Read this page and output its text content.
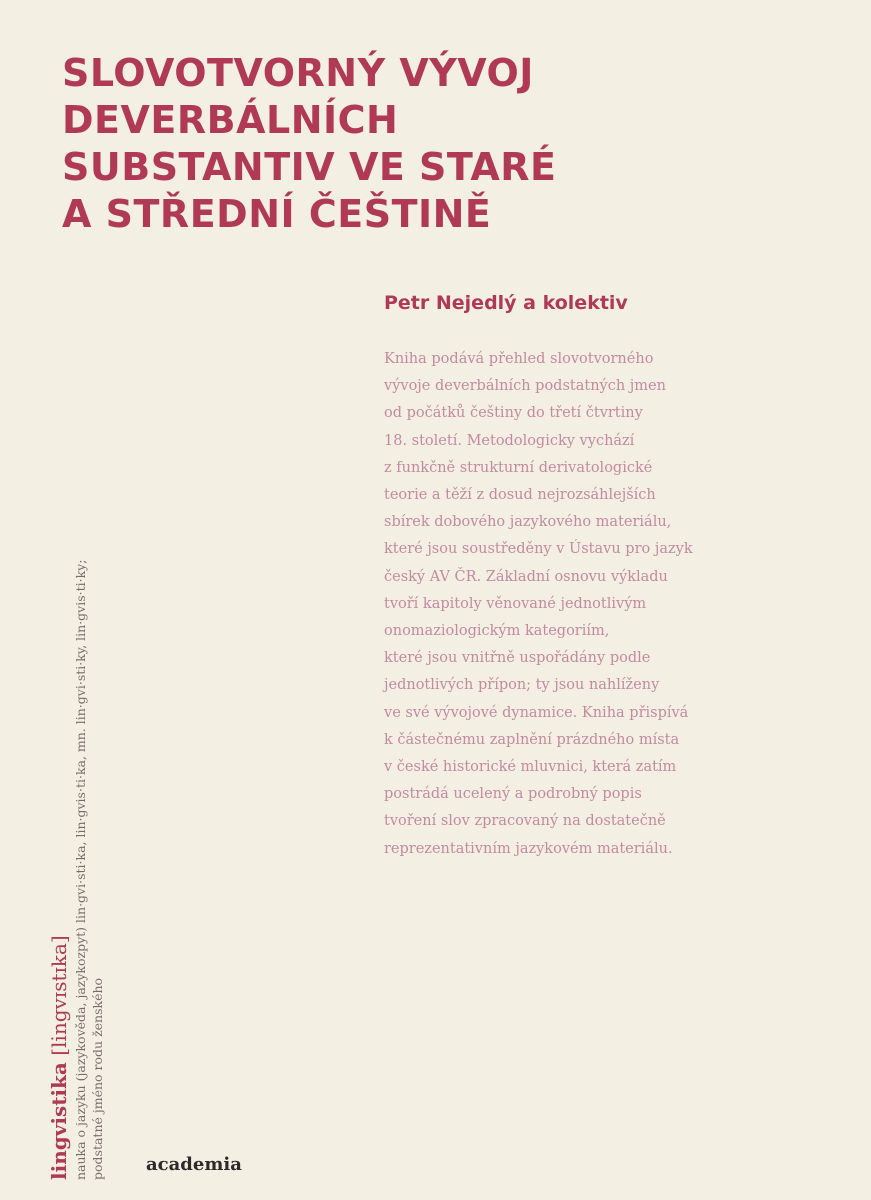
SLOVOTVORNÝ VÝVOJ
DEVERBÁLNÍCH
SUBSTANTIV VE STARÉ
A STŘEDNÍ ČEŠTINĚ
Petr Nejedlý a kolektiv
Kniha podává přehled slovotvorného
vývoje deverbálních podstatných jmen
od počátků češtiny do třetí čtvrtiny
18. století. Metodologicky vychází
z funkčně strukturní derivatologické
teorie a těží z dosud nejrozsáhlejších
sbírek dobového jazykového materiálu,
které jsou soustředěny v Ústavu pro jazyk
český AV ČR. Základní osnovu výkladu
tvoří kapitoly věnované jednotlivým
onomaziologickým kategoriím,
které jsou vnitřně uspořádány podle
jednotlivých přípon; ty jsou nahlíženy
ve své vývojové dynamice. Kniha přispívá
k částečnému zaplnění prázdného místa
v české historické mluvnici, která zatím
postrádá ucelený a podrobný popis
tvoření slov zpracovaný na dostatečně
reprezentativním jazykovém materiálu.
lingvistika [lingvɪstɪka] nauka o jazyku (jazykověda, jazykozpyt) lin·gvi·sti·ka, lin·gvis·ti·ka, mn. lin·gvi·sti·ky, lin·gvis·ti·ky; podstatné jméno rodu ženského academia
